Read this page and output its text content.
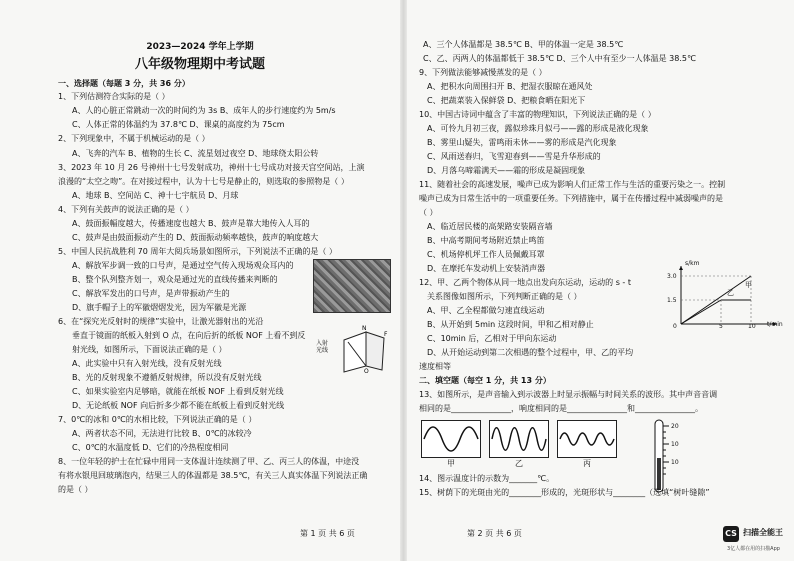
2023—2024 学年上学期
八年级物理期中考试题
一、选择题（每题 3 分，共 36 分）
1、下列估测符合实际的是（ ）
A、人的心脏正常跳动一次的时间约为 3s B、成年人的步行速度约为 5m/s
C、人体正常的体温约为 37.8℃ D、课桌的高度约为 75cm
2、下列现象中，不属于机械运动的是（ ）
A、飞奔的汽车 B、植物的生长 C、流星划过夜空 D、地球绕太阳公转
3、2023 年 10 月 26 号神州十七号发射成功，神州十七号成功对接天宫空间站，上演
浪漫的“太空之吻”。在对接过程中，认为十七号是静止的，则选取的参照物是（ ）
A、地球 B、空间站 C、神十七宇航员 D、月球
4、下列有关鼓声的说法正确的是（ ）
A、鼓面振幅度越大，传播速度也越大 B、鼓声是靠大地传入人耳的
C、鼓声是由鼓面振动产生的 D、鼓面振动频率越快，鼓声的响度越大
5、中国人民抗战胜利 70 周年大阅兵场景如图所示，下列说法不正确的是（ ）
A、解放军步调一致的口号声，是通过空气传入现场观众耳内的
B、整个队列整齐划一，观众是通过光的直线传播来判断的
C、解放军发出的口号声，是声带振动产生的
D、旗手帽子上的军徽熠熠发光，因为军徽是光源
6、在“探究光反射时的规律”实验中，让激光器射出的光沿
垂直于镜面的纸板入射到 O 点，在向后折的纸板 NOF 上看不到反
射光线，如图所示，下面说法正确的是（ ）
A、此实验中只有入射光线，没有反射光线
B、光的反射现象不遵循反射规律，所以没有反射光线
C、如果实验室内足够暗，就能在纸板 NOF 上看到反射光线
D、无论纸板 NOF 向后折多少都不能在纸板上看到反射光线
N
F
O
入射光线
7、0℃的冰和 0℃的水相比较，下列说法正确的是（ ）
A、两者状态不同，无法进行比较 B、0℃的冰较冷
C、0℃的水温度低 D、它们的冷热程度相同
8、一位年轻的护士在忙碌中用同一支体温计连续测了甲、乙、丙三人的体温，中途没
有将水银甩回玻璃泡内，结果三人的体温都是 38.5℃，有关三人真实体温下列说法正确
的是（ ）
第 1 页 共 6 页
A、三个人体温都是 38.5℃ B、甲的体温一定是 38.5℃
C、乙、丙两人的体温都低于 38.5℃ D、三个人中有至少一人体温是 38.5℃
9、下列做法能够减慢蒸发的是（ ）
A、把积水向周围扫开 B、把湿衣服晾在通风处
C、把蔬菜装入保鲜袋 D、把粮食晒在阳光下
10、中国古诗词中蕴含了丰富的物理知识，下列说法正确的是（ ）
A、可怜九月初三夜，露似珍珠月似弓——露的形成是液化现象
B、雾里山疑失，雷鸣雨未休——雾的形成是汽化现象
C、风雨送春归，飞雪迎春到——雪是升华形成的
D、月落乌啼霜满天——霜的形成是凝固现象
11、随着社会的高速发展，噪声已成为影响人们正常工作与生活的重要污染之一。控制
噪声已成为日常生活中的一项重要任务。下列措施中，属于在传播过程中减弱噪声的是
（ ）
A、临近居民楼的高架路安装隔音墙
B、中高考期间考场附近禁止鸣笛
C、机场停机坪工作人员佩戴耳罩
D、在摩托车发动机上安装消声器
12、甲、乙两个物体从同一地点出发向东运动，运动的 s - t
关系图像如图所示，下列判断正确的是（ ）
A、甲、乙全程都做匀速直线运动
B、从开始到 5min 这段时间，甲和乙相对静止
C、10min 后，乙相对于甲向东运动
D、从开始运动到第二次相遇的整个过程中，甲、乙的平均
速度相等
s/km
t/min
3.0
1.5
0	5	10
甲
乙
二、填空题（每空 1 分，共 13 分）
13、如图所示，是声音输入到示波器上时显示振幅与时间关系的波形。其中声音音调
相同的是_______________，响度相同的是_______________和_______________。
甲	乙	丙
20
10
10
14、图示温度计的示数为_______℃。
15、树荫下的光斑由光的________形成的，光斑形状与________（选填“树叶缝隙”
第 2 页 共 6 页	CS 扫描全能王
3亿人都在用的扫描App
